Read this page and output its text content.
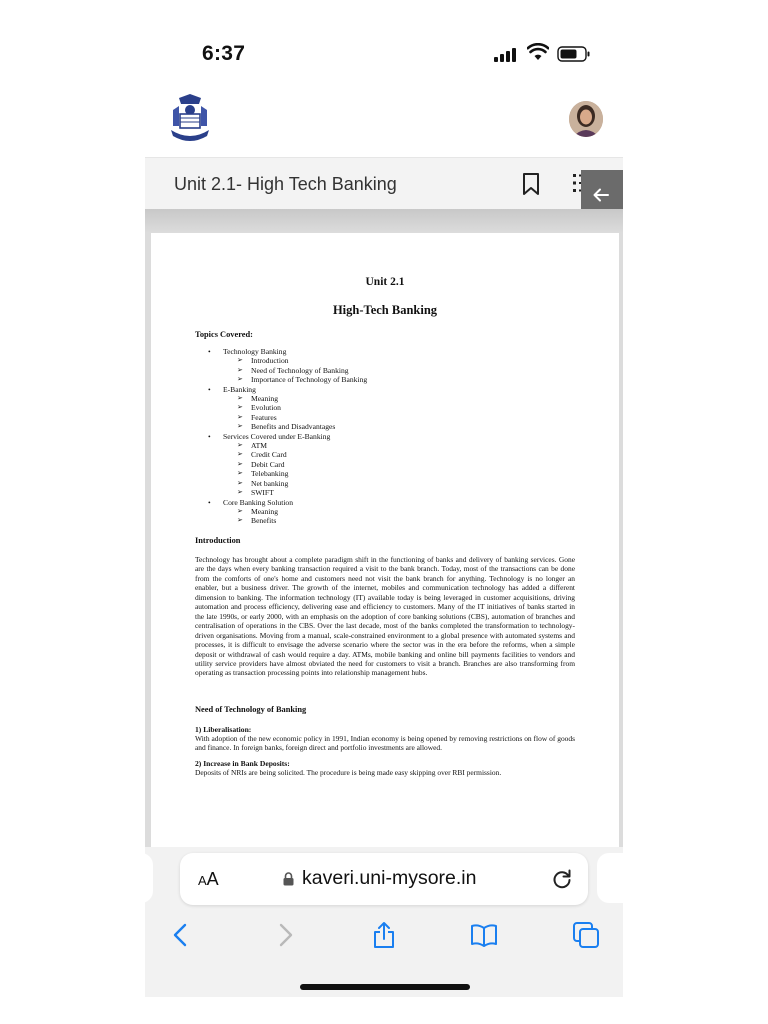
6:37
Unit 2.1- High Tech Banking
Unit 2.1
High-Tech Banking
Topics Covered:
• Technology Banking
➢ Introduction
➢ Need of Technology of Banking
➢ Importance of Technology of Banking
• E-Banking
➢ Meaning
➢ Evolution
➢ Features
➢ Benefits and Disadvantages
• Services Covered under E-Banking
➢ ATM
➢ Credit Card
➢ Debit Card
➢ Telebanking
➢ Net banking
➢ SWIFT
• Core Banking Solution
➢ Meaning
➢ Benefits
Introduction
Technology has brought about a complete paradigm shift in the functioning of banks and delivery of banking services. Gone are the days when every banking transaction required a visit to the bank branch. Today, most of the transactions can be done from the comforts of one's home and customers need not visit the bank branch for anything. Technology is no longer an enabler, but a business driver. The growth of the internet, mobiles and communication technology has added a different dimension to banking. The information technology (IT) available today is being leveraged in customer acquisitions, driving automation and process efficiency, delivering ease and efficiency to customers. Many of the IT initiatives of banks started in the late 1990s, or early 2000, with an emphasis on the adoption of core banking solutions (CBS), automation of branches and centralisation of operations in the CBS. Over the last decade, most of the banks completed the transformation to technology-driven organisations. Moving from a manual, scale-constrained environment to a global presence with automated systems and processes, it is difficult to envisage the adverse scenario where the sector was in the era before the reforms, when a simple deposit or withdrawal of cash would require a day. ATMs, mobile banking and online bill payments facilities to vendors and utility service providers have almost obviated the need for customers to visit a branch. Branches are also transforming from operating as transaction processing points into relationship management hubs.
Need of Technology of Banking
1) Liberalisation:
With adoption of the new economic policy in 1991, Indian economy is being opened by removing restrictions on flow of goods and finance. In foreign banks, foreign direct and portfolio investments are allowed.
2) Increase in Bank Deposits:
Deposits of NRIs are being solicited. The procedure is being made easy skipping over RBI permission.
AA	kaveri.uni-mysore.in
